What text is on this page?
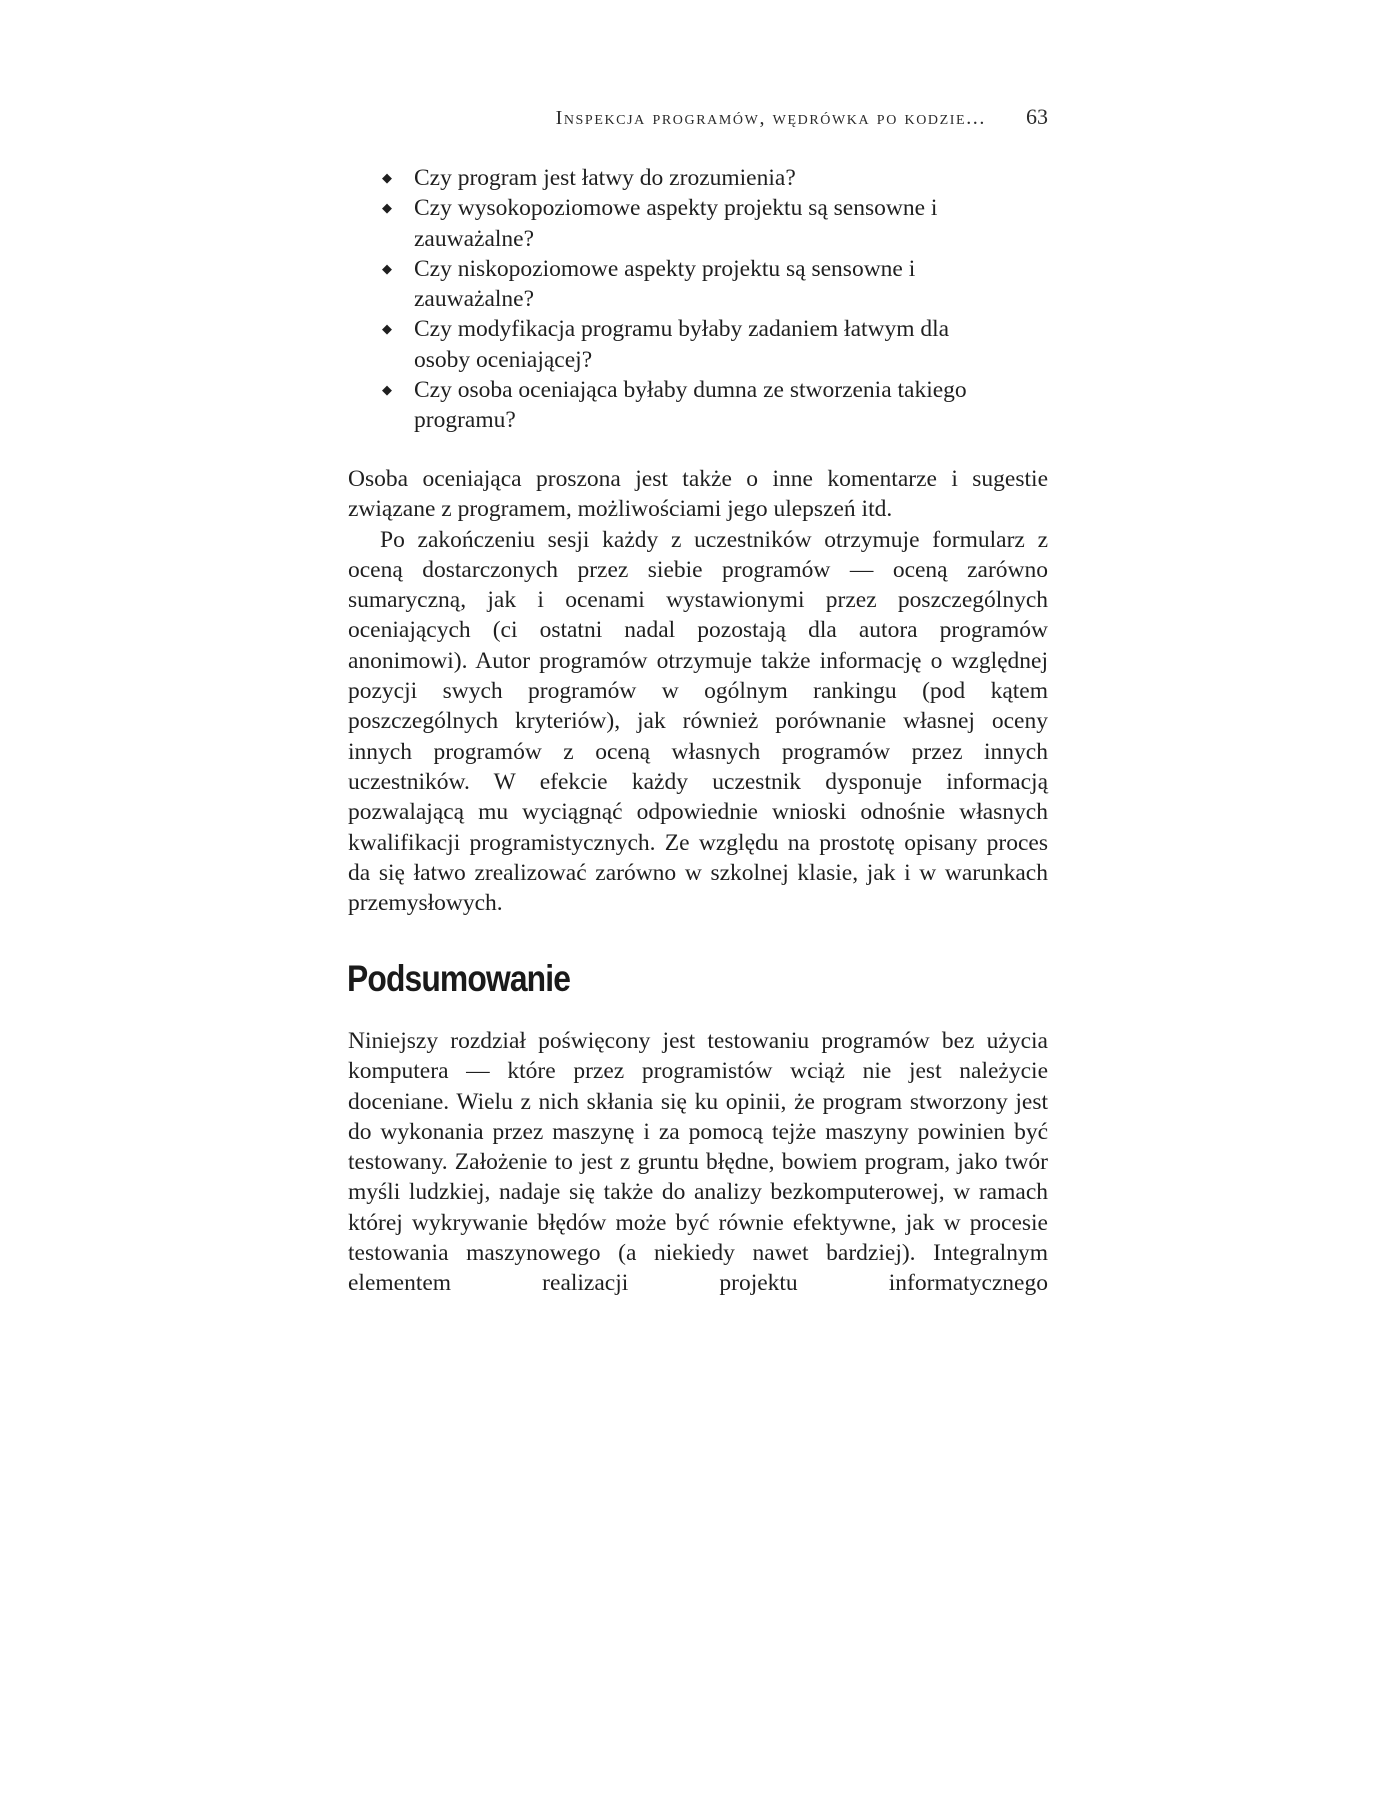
Inspekcja programów, wędrówka po kodzie... 63
◆ Czy program jest łatwy do zrozumienia?
◆ Czy wysokopoziomowe aspekty projektu są sensowne i zauważalne?
◆ Czy niskopoziomowe aspekty projektu są sensowne i zauważalne?
◆ Czy modyfikacja programu byłaby zadaniem łatwym dla osoby oceniającej?
◆ Czy osoba oceniająca byłaby dumna ze stworzenia takiego programu?

Osoba oceniająca proszona jest także o inne komentarze i sugestie związane z programem, możliwościami jego ulepszeń itd.

Po zakończeniu sesji każdy z uczestników otrzymuje formularz z oceną dostarczonych przez siebie programów — oceną zarówno sumaryczną, jak i ocenami wystawionymi przez poszczególnych oceniających (ci ostatni nadal pozostają dla autora programów anonimowi). Autor programów otrzymuje także informację o względnej pozycji swych programów w ogólnym rankingu (pod kątem poszczególnych kryteriów), jak również porównanie własnej oceny innych programów z oceną własnych programów przez innych uczestników. W efekcie każdy uczestnik dysponuje informacją pozwalającą mu wyciągnąć odpowiednie wnioski odnośnie własnych kwalifikacji programistycznych. Ze względu na prostotę opisany proces da się łatwo zrealizować zarówno w szkolnej klasie, jak i w warunkach przemysłowych.

Podsumowanie

Niniejszy rozdział poświęcony jest testowaniu programów bez użycia komputera — które przez programistów wciąż nie jest należycie doceniane. Wielu z nich skłania się ku opinii, że program stworzony jest do wykonania przez maszynę i za pomocą tejże maszyny powinien być testowany. Założenie to jest z gruntu błędne, bowiem program, jako twór myśli ludzkiej, nadaje się także do analizy bezkomputerowej, w ramach której wykrywanie błędów może być równie efektywne, jak w procesie testowania maszynowego (a niekiedy nawet bardziej). Integralnym elementem realizacji projektu informatycznego
